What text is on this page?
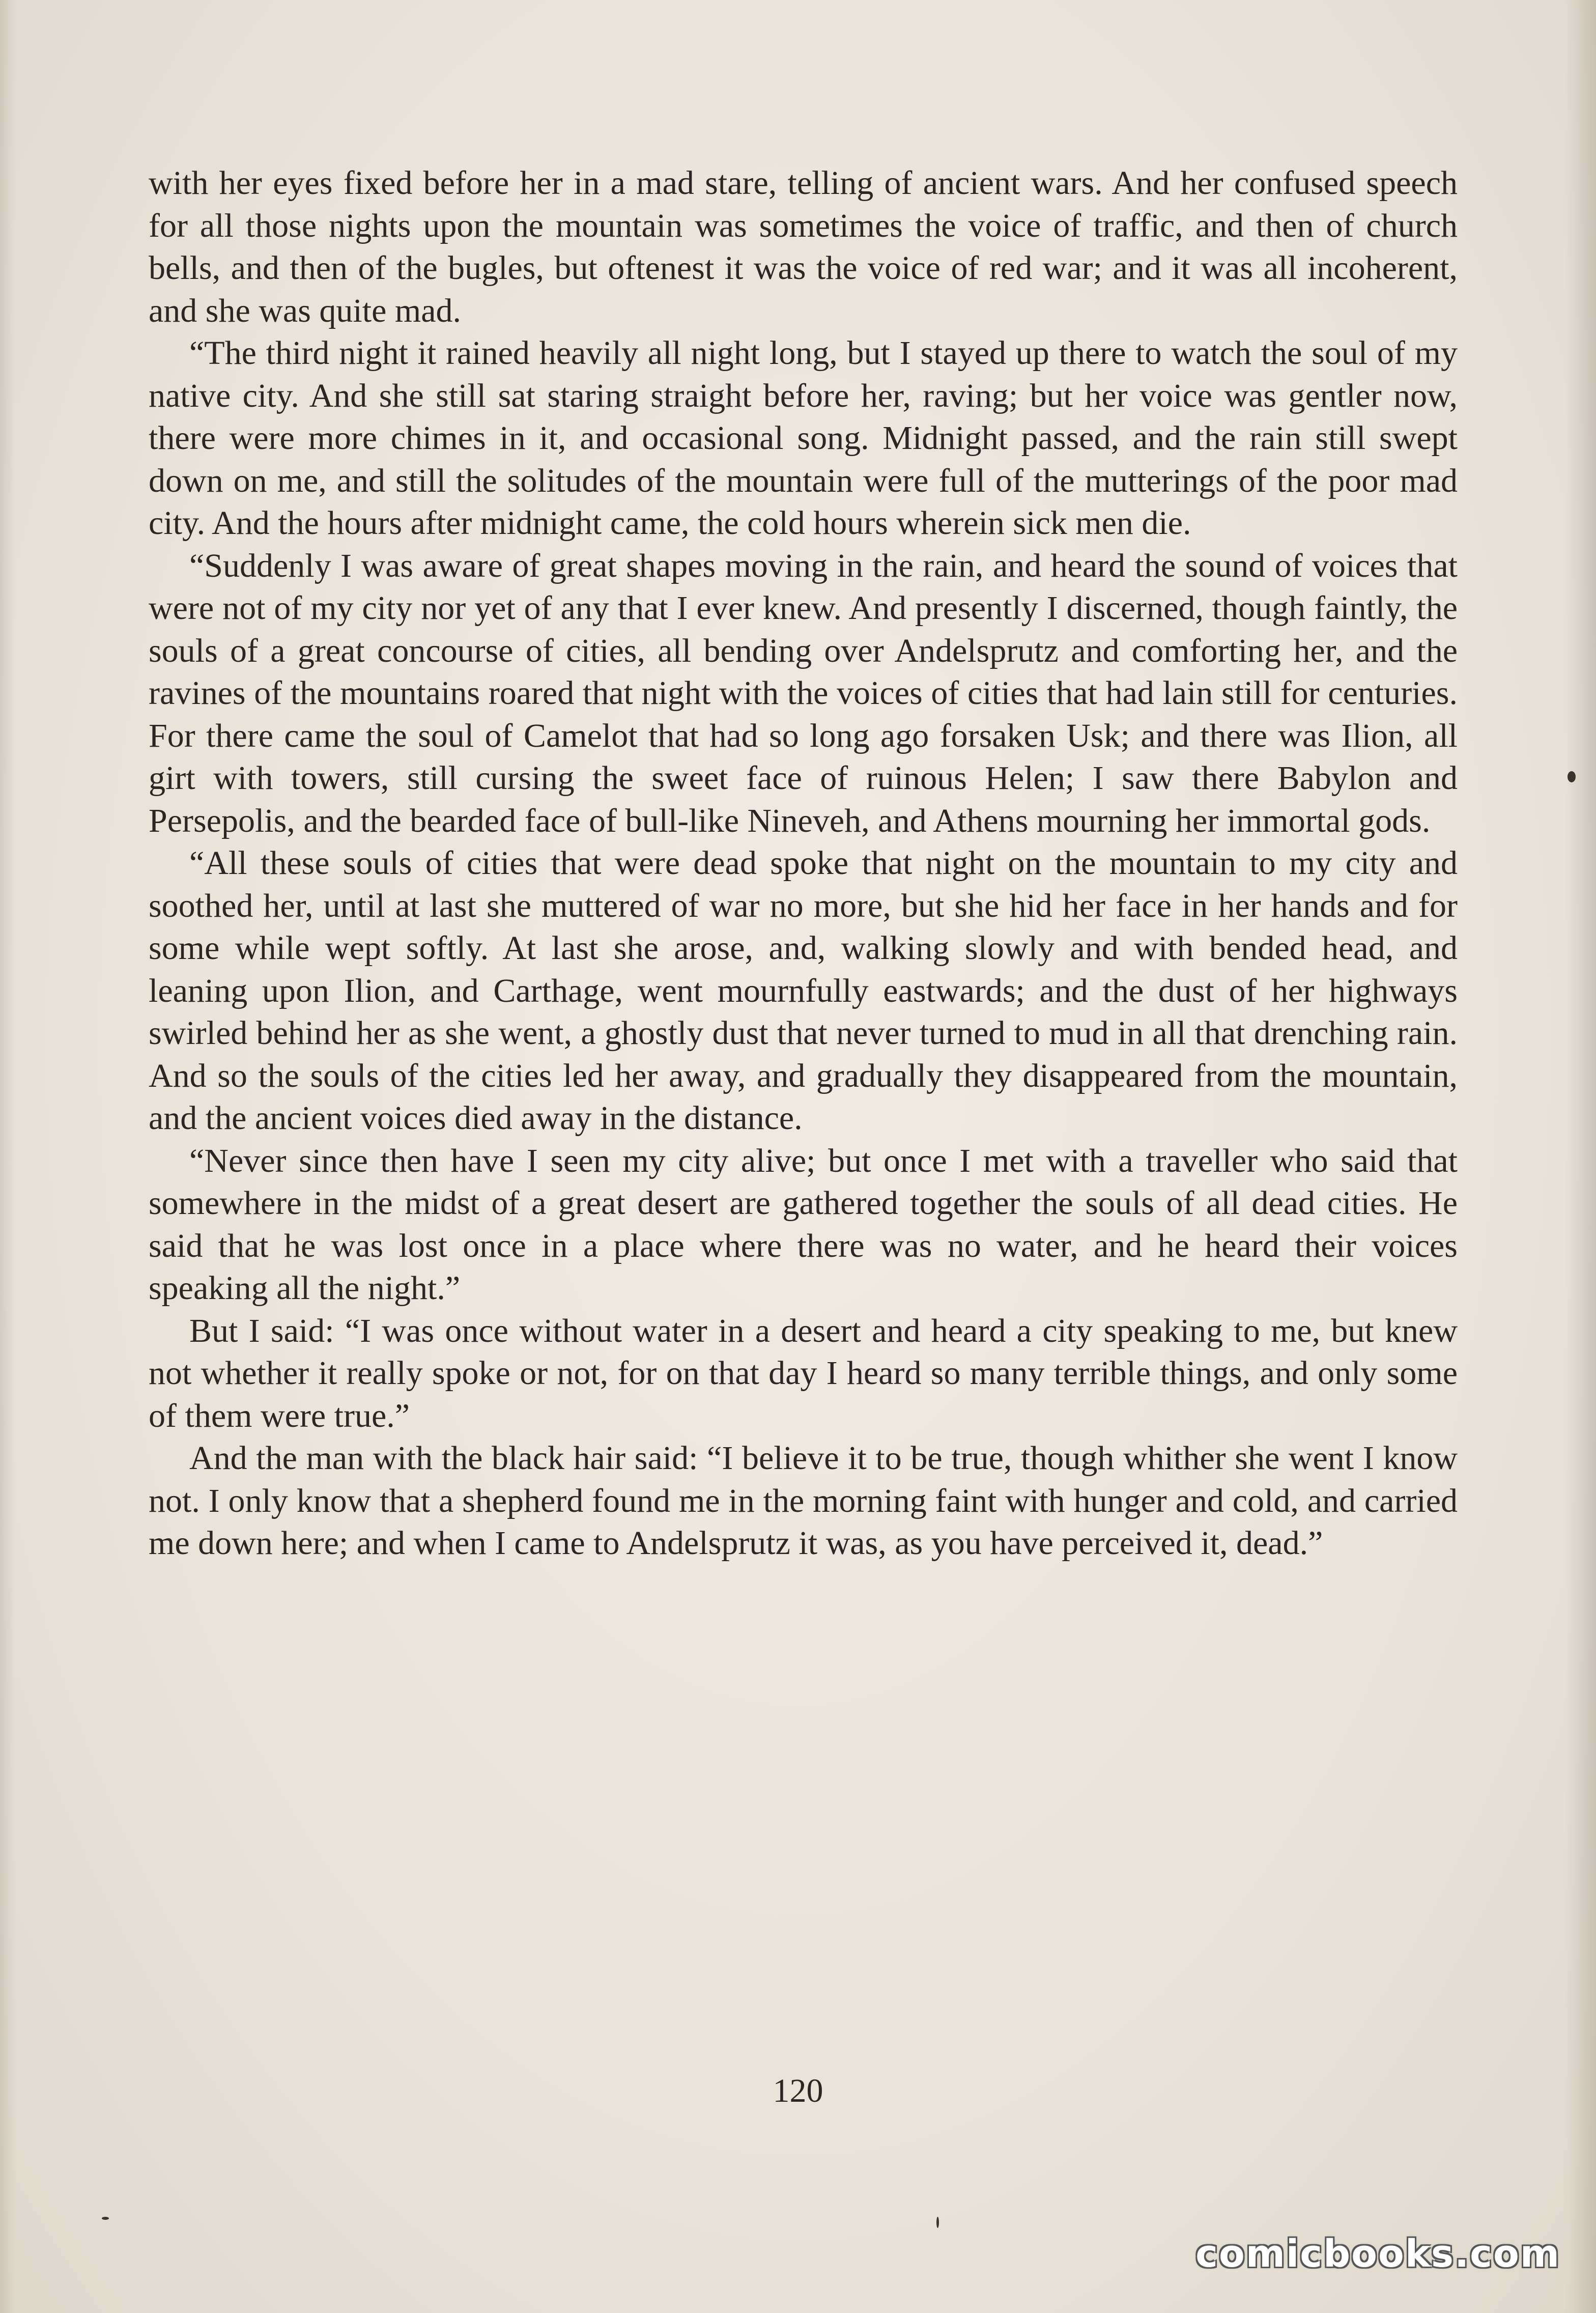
with her eyes fixed before her in a mad stare, telling of ancient wars. And her confused speech for all those nights upon the mountain was sometimes the voice of traffic, and then of church bells, and then of the bugles, but oftenest it was the voice of red war; and it was all incoherent, and she was quite mad.

“The third night it rained heavily all night long, but I stayed up there to watch the soul of my native city. And she still sat staring straight before her, raving; but her voice was gentler now, there were more chimes in it, and occasional song. Midnight passed, and the rain still swept down on me, and still the solitudes of the mountain were full of the mutterings of the poor mad city. And the hours after midnight came, the cold hours wherein sick men die.

“Suddenly I was aware of great shapes moving in the rain, and heard the sound of voices that were not of my city nor yet of any that I ever knew. And presently I discerned, though faintly, the souls of a great concourse of cities, all bending over Andelsprutz and comforting her, and the ravines of the mountains roared that night with the voices of cities that had lain still for centuries. For there came the soul of Camelot that had so long ago forsaken Usk; and there was Ilion, all girt with towers, still cursing the sweet face of ruinous Helen; I saw there Babylon and Persepolis, and the bearded face of bull-like Nineveh, and Athens mourning her immortal gods.

“All these souls of cities that were dead spoke that night on the mountain to my city and soothed her, until at last she muttered of war no more, but she hid her face in her hands and for some while wept softly. At last she arose, and, walking slowly and with bended head, and leaning upon Ilion, and Carthage, went mournfully eastwards; and the dust of her highways swirled behind her as she went, a ghostly dust that never turned to mud in all that drenching rain. And so the souls of the cities led her away, and gradually they disappeared from the mountain, and the ancient voices died away in the distance.

“Never since then have I seen my city alive; but once I met with a traveller who said that somewhere in the midst of a great desert are gathered together the souls of all dead cities. He said that he was lost once in a place where there was no water, and he heard their voices speaking all the night.”

But I said: “I was once without water in a desert and heard a city speaking to me, but knew not whether it really spoke or not, for on that day I heard so many terrible things, and only some of them were true.”

And the man with the black hair said: “I believe it to be true, though whither she went I know not. I only know that a shepherd found me in the morning faint with hunger and cold, and carried me down here; and when I came to Andelsprutz it was, as you have perceived it, dead.”

120
comicbooks.com
